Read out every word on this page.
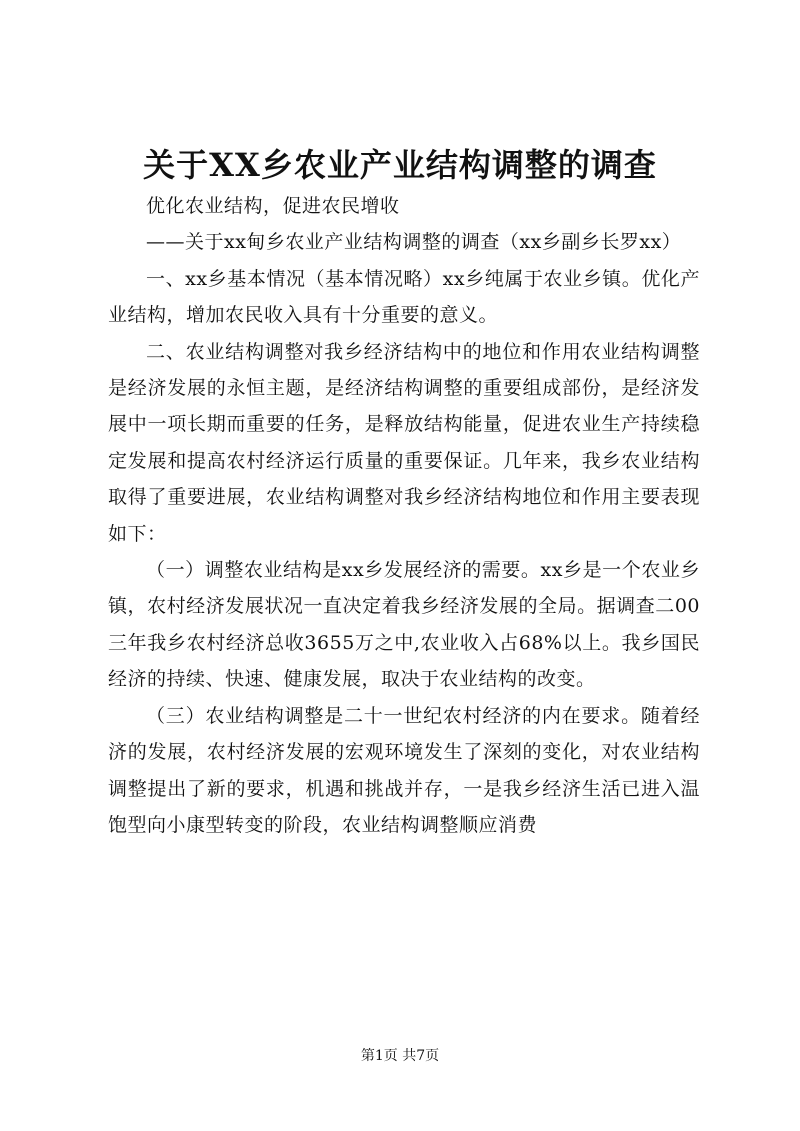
关于XX乡农业产业结构调整的调查

优化农业结构，促进农民增收

——关于xx甸乡农业产业结构调整的调查（xx乡副乡长罗xx）

一、xx乡基本情况（基本情况略）xx乡纯属于农业乡镇。优化产业结构，增加农民收入具有十分重要的意义。

二、农业结构调整对我乡经济结构中的地位和作用农业结构调整是经济发展的永恒主题，是经济结构调整的重要组成部份，是经济发展中一项长期而重要的任务，是释放结构能量，促进农业生产持续稳定发展和提高农村经济运行质量的重要保证。几年来，我乡农业结构取得了重要进展，农业结构调整对我乡经济结构地位和作用主要表现如下：

（一）调整农业结构是xx乡发展经济的需要。xx乡是一个农业乡镇，农村经济发展状况一直决定着我乡经济发展的全局。据调查二00三年我乡农村经济总收3655万之中,农业收入占68%以上。我乡国民经济的持续、快速、健康发展，取决于农业结构的改变。

（三）农业结构调整是二十一世纪农村经济的内在要求。随着经济的发展，农村经济发展的宏观环境发生了深刻的变化，对农业结构调整提出了新的要求，机遇和挑战并存，一是我乡经济生活已进入温饱型向小康型转变的阶段，农业结构调整顺应消费

第1页 共7页
